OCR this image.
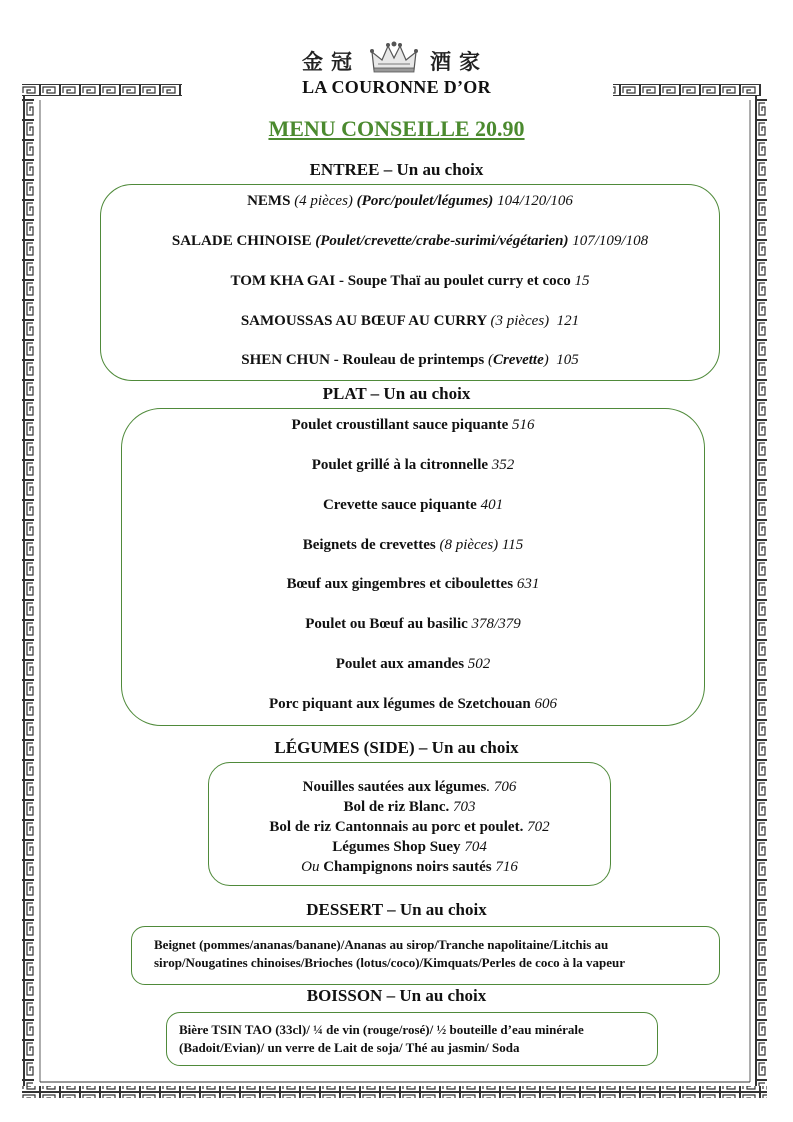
金冠	酒家
LA COURONNE D’OR
MENU CONSEILLE 20.90
ENTREE – Un au choix
NEMS (4 pièces) (Porc/poulet/légumes) 104/120/106
SALADE CHINOISE (Poulet/crevette/crabe-surimi/végétarien) 107/109/108
TOM KHA GAI - Soupe Thaï au poulet curry et coco 15
SAMOUSSAS AU BŒUF AU CURRY (3 pièces) 121
SHEN CHUN - Rouleau de printemps (Crevette) 105
PLAT – Un au choix
Poulet croustillant sauce piquante 516
Poulet grillé à la citronnelle 352
Crevette sauce piquante 401
Beignets de crevettes (8 pièces) 115
Bœuf aux gingembres et ciboulettes 631
Poulet ou Bœuf au basilic 378/379
Poulet aux amandes 502
Porc piquant aux légumes de Szetchouan 606
LÉGUMES (SIDE) – Un au choix
Nouilles sautées aux légumes. 706
Bol de riz Blanc. 703
Bol de riz Cantonnais au porc et poulet. 702
Légumes Shop Suey 704
Ou Champignons noirs sautés 716
DESSERT – Un au choix
Beignet (pommes/ananas/banane)/Ananas au sirop/Tranche napolitaine/Litchis au
sirop/Nougatines chinoises/Brioches (lotus/coco)/Kimquats/Perles de coco à la vapeur
BOISSON – Un au choix
Bière TSIN TAO (33cl)/ ¼ de vin (rouge/rosé)/ ½ bouteille d’eau minérale
(Badoit/Evian)/ un verre de Lait de soja/ Thé au jasmin/ Soda
